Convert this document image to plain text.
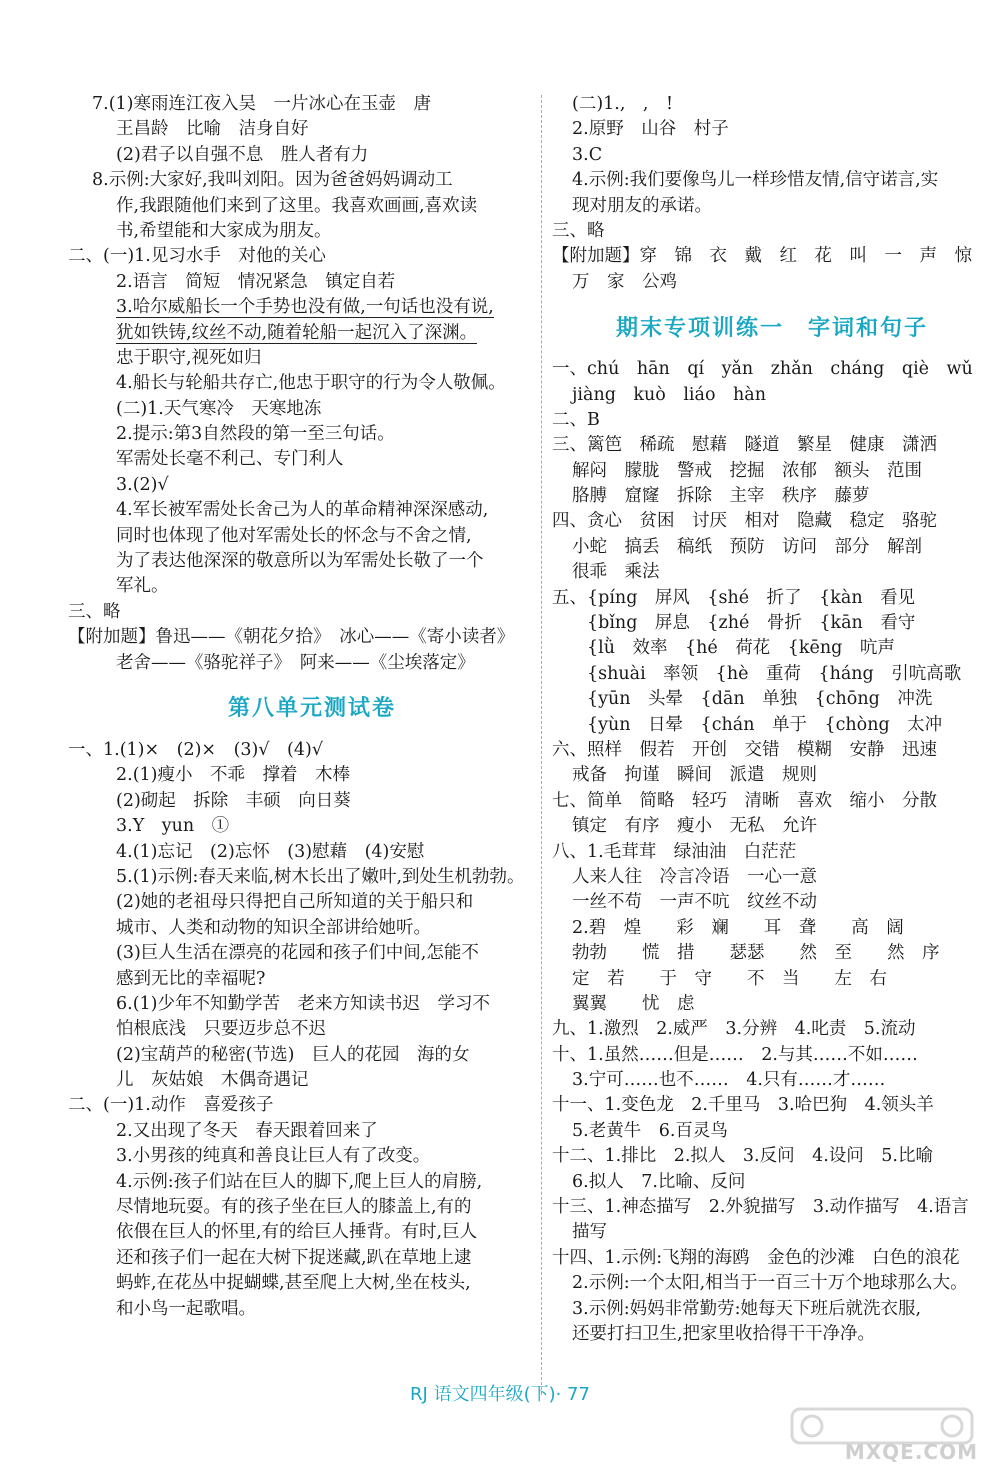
7.(1)寒雨连江夜入吴　一片冰心在玉壶　唐
王昌龄　比喻　洁身自好
(2)君子以自强不息　胜人者有力
8.示例:大家好,我叫刘阳。因为爸爸妈妈调动工
作,我跟随他们来到了这里。我喜欢画画,喜欢读
书,希望能和大家成为朋友。
二、(一)1.见习水手　对他的关心
2.语言　简短　情况紧急　镇定自若
3.哈尔威船长一个手势也没有做,一句话也没有说,
犹如铁铸,纹丝不动,随着轮船一起沉入了深渊。
忠于职守,视死如归
4.船长与轮船共存亡,他忠于职守的行为令人敬佩。
(二)1.天气寒冷　天寒地冻
2.提示:第3自然段的第一至三句话。
军需处长毫不利己、专门利人
3.(2)√
4.军长被军需处长舍己为人的革命精神深深感动,
同时也体现了他对军需处长的怀念与不舍之情,
为了表达他深深的敬意所以为军需处长敬了一个
军礼。
三、略
【附加题】鲁迅——《朝花夕拾》　冰心——《寄小读者》
老舍——《骆驼祥子》　阿来——《尘埃落定》
第八单元测试卷
一、1.(1)×　(2)×　(3)√　(4)√
2.(1)瘦小　不乖　撑着　木棒
(2)砌起　拆除　丰硕　向日葵
3.Y　yun　①
4.(1)忘记　(2)忘怀　(3)慰藉　(4)安慰
5.(1)示例:春天来临,树木长出了嫩叶,到处生机勃勃。
(2)她的老祖母只得把自己所知道的关于船只和
城市、人类和动物的知识全部讲给她听。
(3)巨人生活在漂亮的花园和孩子们中间,怎能不
感到无比的幸福呢?
6.(1)少年不知勤学苦　老来方知读书迟　学习不
怕根底浅　只要迈步总不迟
(2)宝葫芦的秘密(节选)　巨人的花园　海的女
儿　灰姑娘　木偶奇遇记
二、(一)1.动作　喜爱孩子
2.又出现了冬天　春天跟着回来了
3.小男孩的纯真和善良让巨人有了改变。
4.示例:孩子们站在巨人的脚下,爬上巨人的肩膀,
尽情地玩耍。有的孩子坐在巨人的膝盖上,有的
依偎在巨人的怀里,有的给巨人捶背。有时,巨人
还和孩子们一起在大树下捉迷藏,趴在草地上逮
蚂蚱,在花丛中捉蝴蝶,甚至爬上大树,坐在枝头,
和小鸟一起歌唱。
(二)1.,　,　!
2.原野　山谷　村子
3.C
4.示例:我们要像鸟儿一样珍惜友情,信守诺言,实
现对朋友的承诺。
三、略
【附加题】穿　锦　衣　戴　红　花　叫　一　声　惊
万　家　公鸡
期末专项训练一　字词和句子
一、chú　hān　qí　yǎn　zhǎn　cháng　qiè　wǔ
jiàng　kuò　liáo　hàn
二、B
三、篱笆　稀疏　慰藉　隧道　繁星　健康　潇洒
解闷　朦胧　警戒　挖掘　浓郁　额头　范围
胳膊　窟窿　拆除　主宰　秩序　藤萝
四、贪心　贫困　讨厌　相对　隐藏　稳定　骆驼
小蛇　搞丢　稿纸　预防　访问　部分　解剖
很乖　乘法
五、{píng　屏风　{shé　折了　{kàn　看见
　　{bǐng　屏息　{zhé　骨折　{kān　看守
　　{lǜ　效率　{hé　荷花　{kēng　吭声
　　{shuài　率领　{hè　重荷　{háng　引吭高歌
　　{yūn　头晕　{dān　单独　{chōng　冲洗
　　{yùn　日晕　{chán　单于　{chòng　太冲
六、照样　假若　开创　交错　模糊　安静　迅速
戒备　拘谨　瞬间　派遣　规则
七、简单　简略　轻巧　清晰　喜欢　缩小　分散
镇定　有序　瘦小　无私　允许
八、1.毛茸茸　绿油油　白茫茫
人来人往　冷言冷语　一心一意
一丝不苟　一声不吭　纹丝不动
2.碧　煌　　彩　斓　　耳　聋　　高　阔
勃勃　　慌　措　　瑟瑟　　然　至　　然　序
定　若　　于　守　　不　当　　左　右
翼翼　　忧　虑
九、1.激烈　2.威严　3.分辨　4.叱责　5.流动
十、1.虽然……但是……　2.与其……不如……
3.宁可……也不……　4.只有……才……
十一、1.变色龙　2.千里马　3.哈巴狗　4.领头羊
5.老黄牛　6.百灵鸟
十二、1.排比　2.拟人　3.反问　4.设问　5.比喻
6.拟人　7.比喻、反问
十三、1.神态描写　2.外貌描写　3.动作描写　4.语言
描写
十四、1.示例:飞翔的海鸥　金色的沙滩　白色的浪花
2.示例:一个太阳,相当于一百三十万个地球那么大。
3.示例:妈妈非常勤劳:她每天下班后就洗衣服,
还要打扫卫生,把家里收拾得干干净净。
RJ 语文四年级(下)· 77
MXQE.COM
